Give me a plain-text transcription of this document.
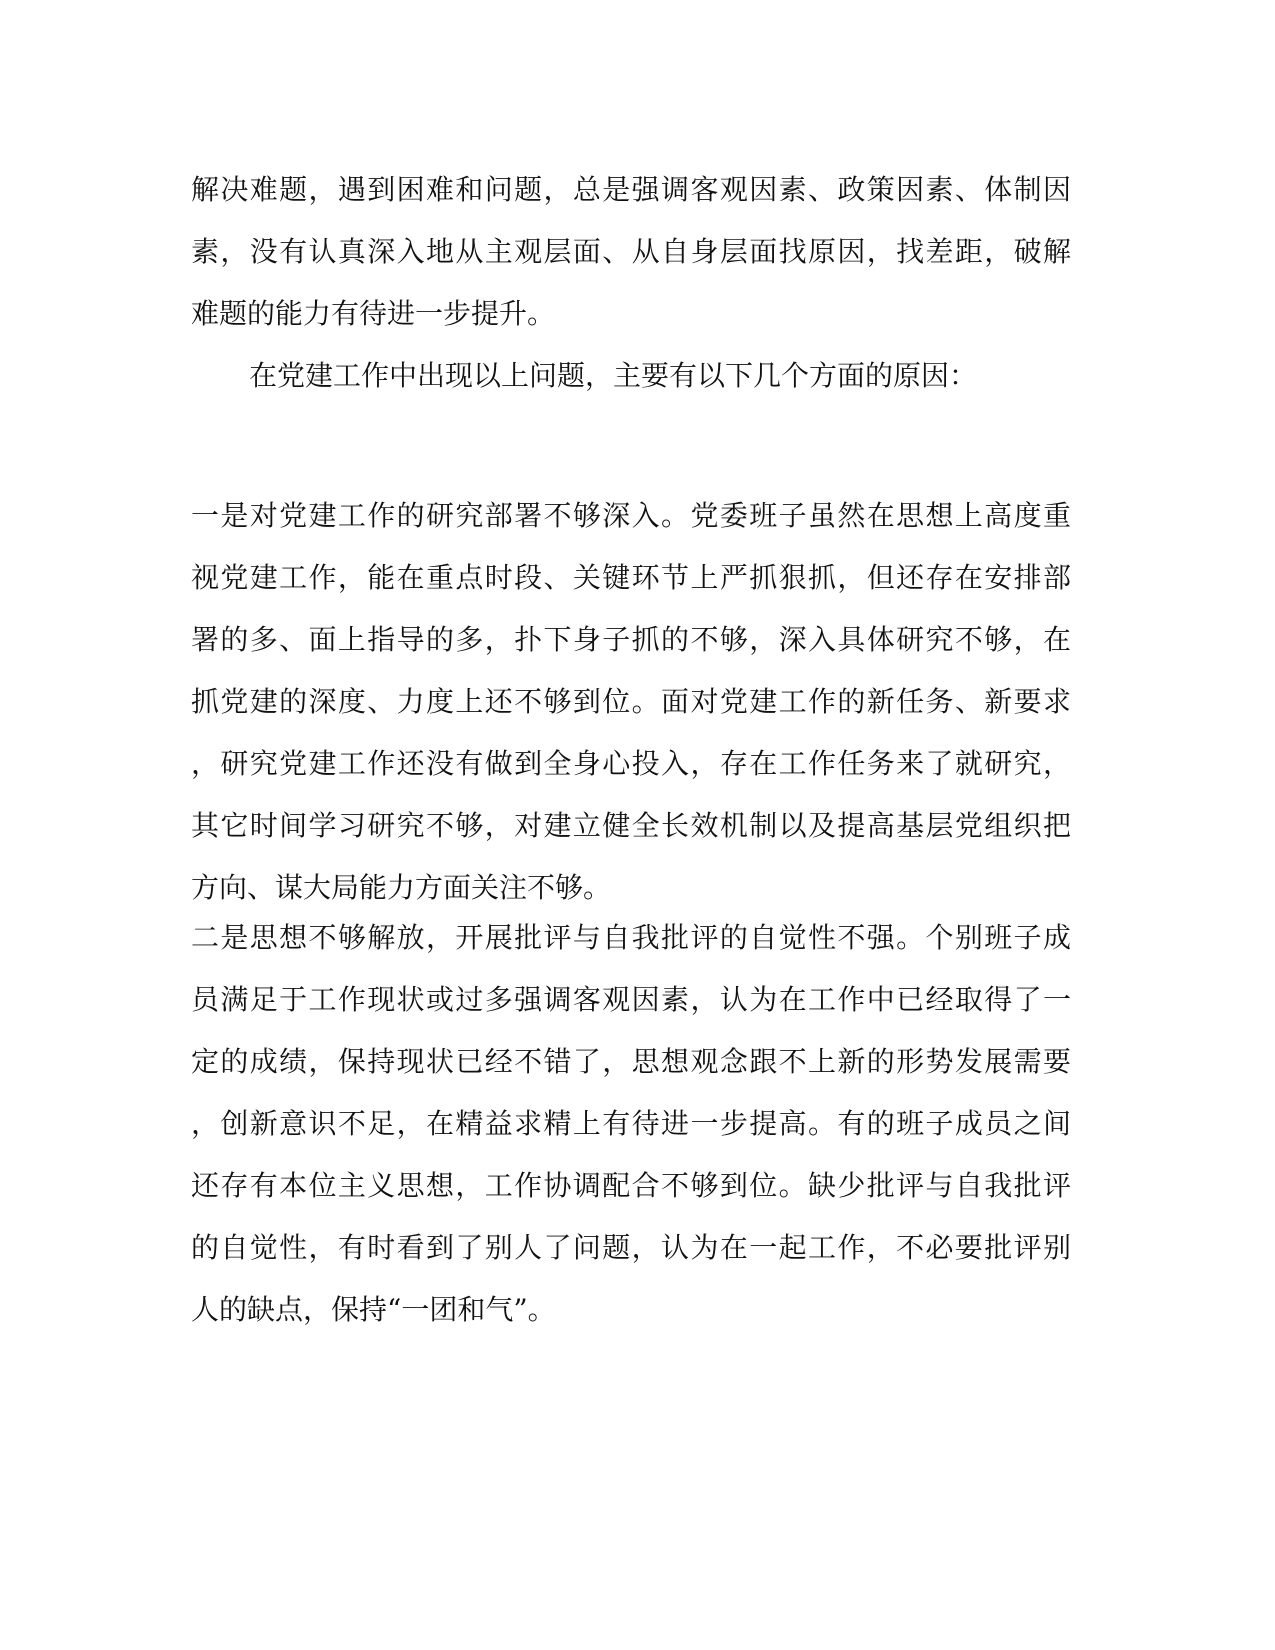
解决难题，遇到困难和问题，总是强调客观因素、政策因素、体制因
素，没有认真深入地从主观层面、从自身层面找原因，找差距，破解
难题的能力有待进一步提升。
在党建工作中出现以上问题，主要有以下几个方面的原因：
一是对党建工作的研究部署不够深入。党委班子虽然在思想上高度重
视党建工作，能在重点时段、关键环节上严抓狠抓，但还存在安排部
署的多、面上指导的多，扑下身子抓的不够，深入具体研究不够，在
抓党建的深度、力度上还不够到位。面对党建工作的新任务、新要求
，研究党建工作还没有做到全身心投入，存在工作任务来了就研究，
其它时间学习研究不够，对建立健全长效机制以及提高基层党组织把
方向、谋大局能力方面关注不够。
二是思想不够解放，开展批评与自我批评的自觉性不强。个别班子成
员满足于工作现状或过多强调客观因素，认为在工作中已经取得了一
定的成绩，保持现状已经不错了，思想观念跟不上新的形势发展需要
，创新意识不足，在精益求精上有待进一步提高。有的班子成员之间
还存有本位主义思想，工作协调配合不够到位。缺少批评与自我批评
的自觉性，有时看到了别人了问题，认为在一起工作，不必要批评别
人的缺点，保持“一团和气”。
